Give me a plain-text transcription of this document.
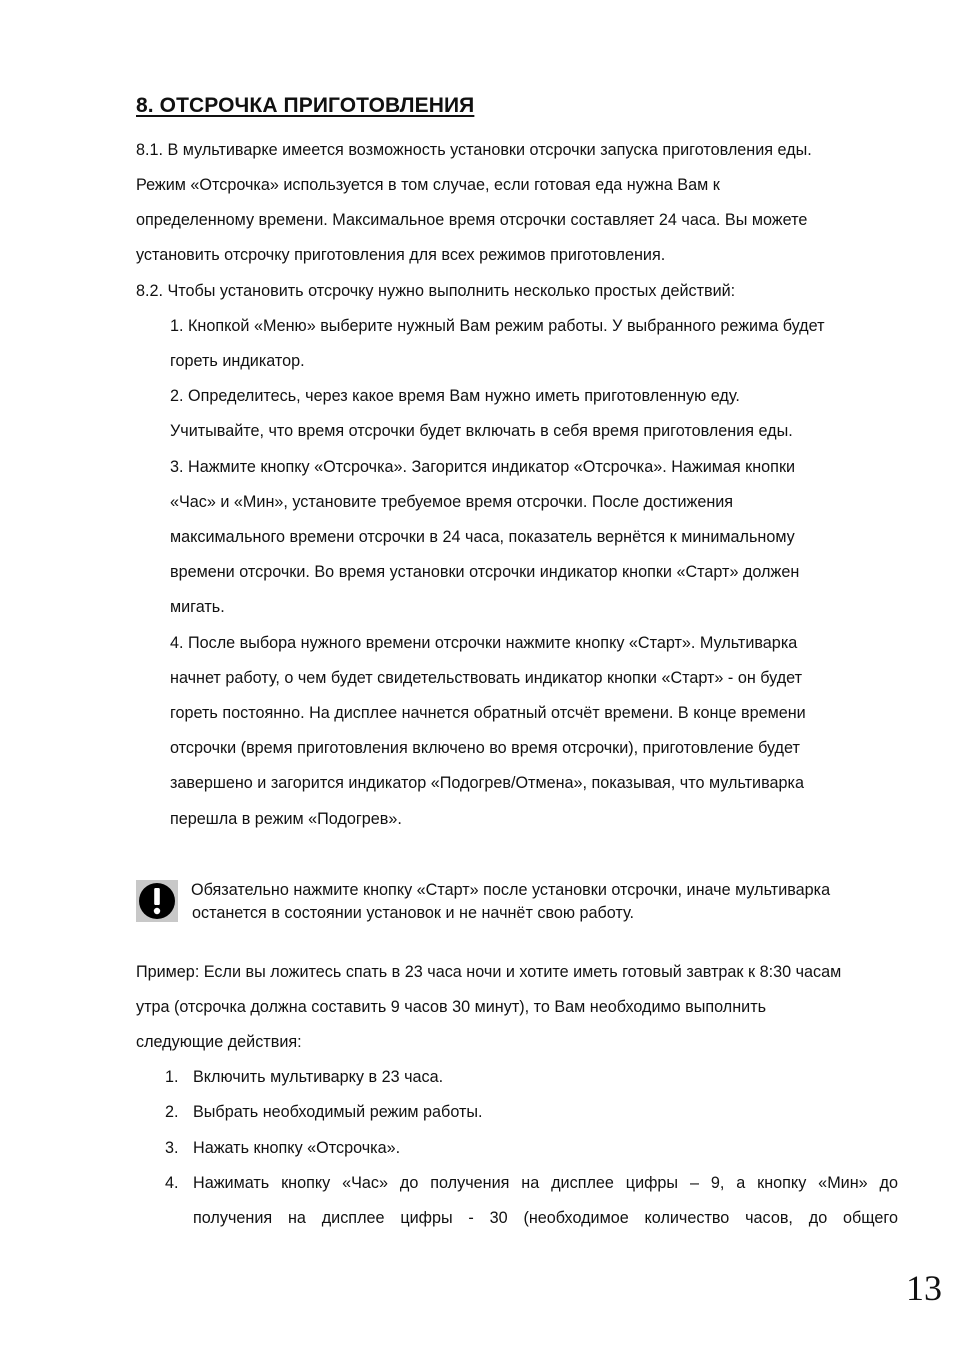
8. ОТСРОЧКА ПРИГОТОВЛЕНИЯ
8.1. В мультиварке имеется возможность установки отсрочки запуска приготовления еды.
Режим «Отсрочка» используется в том случае, если готовая еда нужна Вам к
определенному времени. Максимальное время отсрочки составляет 24 часа. Вы можете
установить отсрочку приготовления для всех режимов приготовления.
8.2. Чтобы установить отсрочку нужно выполнить несколько простых действий:
1. Кнопкой «Меню» выберите нужный Вам режим работы. У выбранного режима будет
гореть индикатор.
2. Определитесь, через какое время Вам нужно иметь приготовленную еду.
Учитывайте, что время отсрочки будет включать в себя время приготовления еды.
3. Нажмите кнопку «Отсрочка». Загорится индикатор «Отсрочка». Нажимая кнопки
«Час» и «Мин», установите требуемое время отсрочки. После достижения
максимального времени отсрочки в 24 часа, показатель вернётся к минимальному
времени отсрочки. Во время установки отсрочки индикатор кнопки «Старт» должен
мигать.
4. После выбора нужного времени отсрочки нажмите кнопку «Старт». Мультиварка
начнет работу, о чем будет свидетельствовать индикатор кнопки «Старт» - он будет
гореть постоянно. На дисплее начнется обратный отсчёт времени. В конце времени
отсрочки (время приготовления включено во время отсрочки), приготовление будет
завершено и загорится индикатор «Подогрев/Отмена», показывая, что мультиварка
перешла в режим «Подогрев».
Обязательно нажмите кнопку «Старт» после установки отсрочки, иначе мультиварка
останется в состоянии установок и не начнёт свою работу.
Пример: Если вы ложитесь спать в 23 часа ночи и хотите иметь готовый завтрак к 8:30 часам
утра (отсрочка должна составить 9 часов 30 минут), то Вам необходимо выполнить
следующие действия:
1. Включить мультиварку в 23 часа.
2. Выбрать необходимый режим работы.
3. Нажать кнопку «Отсрочка».
4. Нажимать кнопку «Час» до получения на дисплее цифры – 9, а кнопку «Мин» до
получения на дисплее цифры - 30 (необходимое количество часов, до общего
13
